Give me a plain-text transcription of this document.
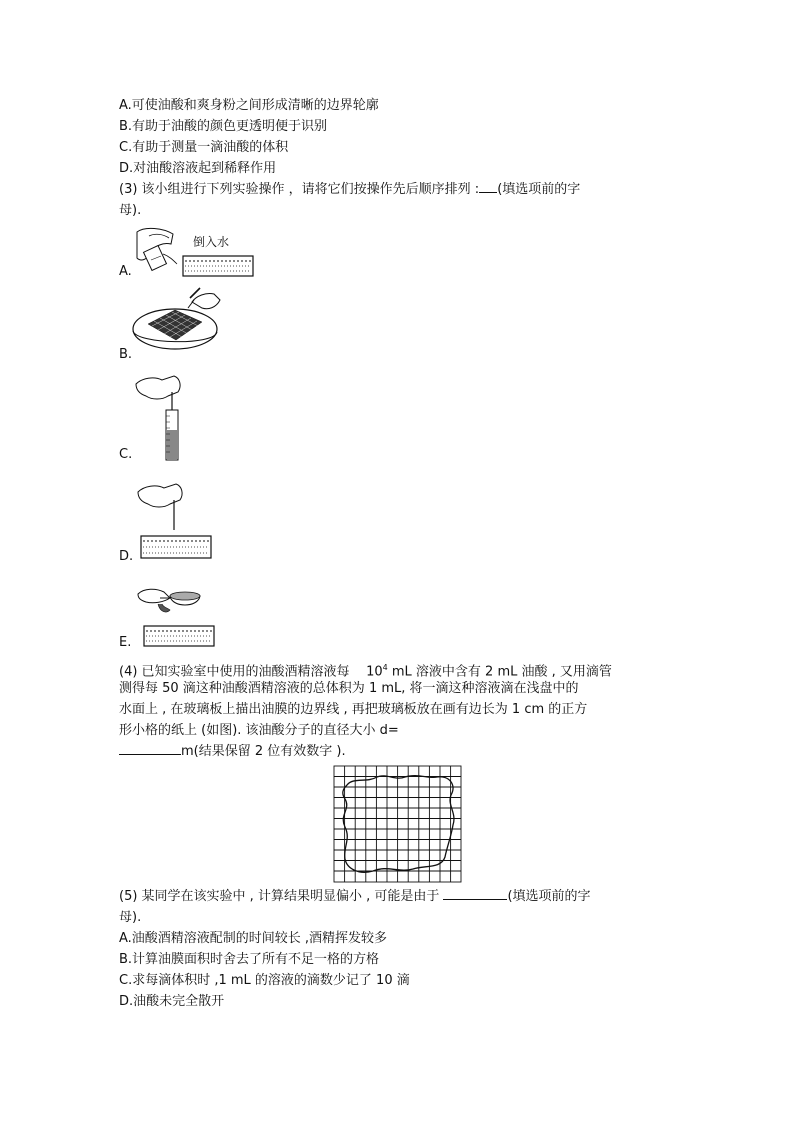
A.可使油酸和爽身粉之间形成清晰的边界轮廓
B.有助于油酸的颜色更透明便于识别
C.有助于测量一滴油酸的体积
D.对油酸溶液起到稀释作用
(3) 该小组进行下列实验操作 ，请将它们按操作先后顺序排列 : (填选项前的字
母).
倒入水
A.
B.
C.
D.
E.
(4) 已知实验室中使用的油酸酒精溶液每 $10^4$ mL 溶液中含有 2 mL 油酸 , 又用滴管
测得每 50 滴这种油酸酒精溶液的总体积为 1 mL, 将一滴这种溶液滴在浅盘中的
水面上 , 在玻璃板上描出油膜的边界线 , 再把玻璃板放在画有边长为 1 cm 的正方
形小格的纸上 (如图). 该油酸分子的直径大小 d=
m(结果保留 2 位有效数字 ).
(5) 某同学在该实验中 , 计算结果明显偏小 , 可能是由于	(填选项前的字
母).
A.油酸酒精溶液配制的时间较长 ,酒精挥发较多
B.计算油膜面积时舍去了所有不足一格的方格
C.求每滴体积时 ,1 mL 的溶液的滴数少记了 10 滴
D.油酸未完全散开
